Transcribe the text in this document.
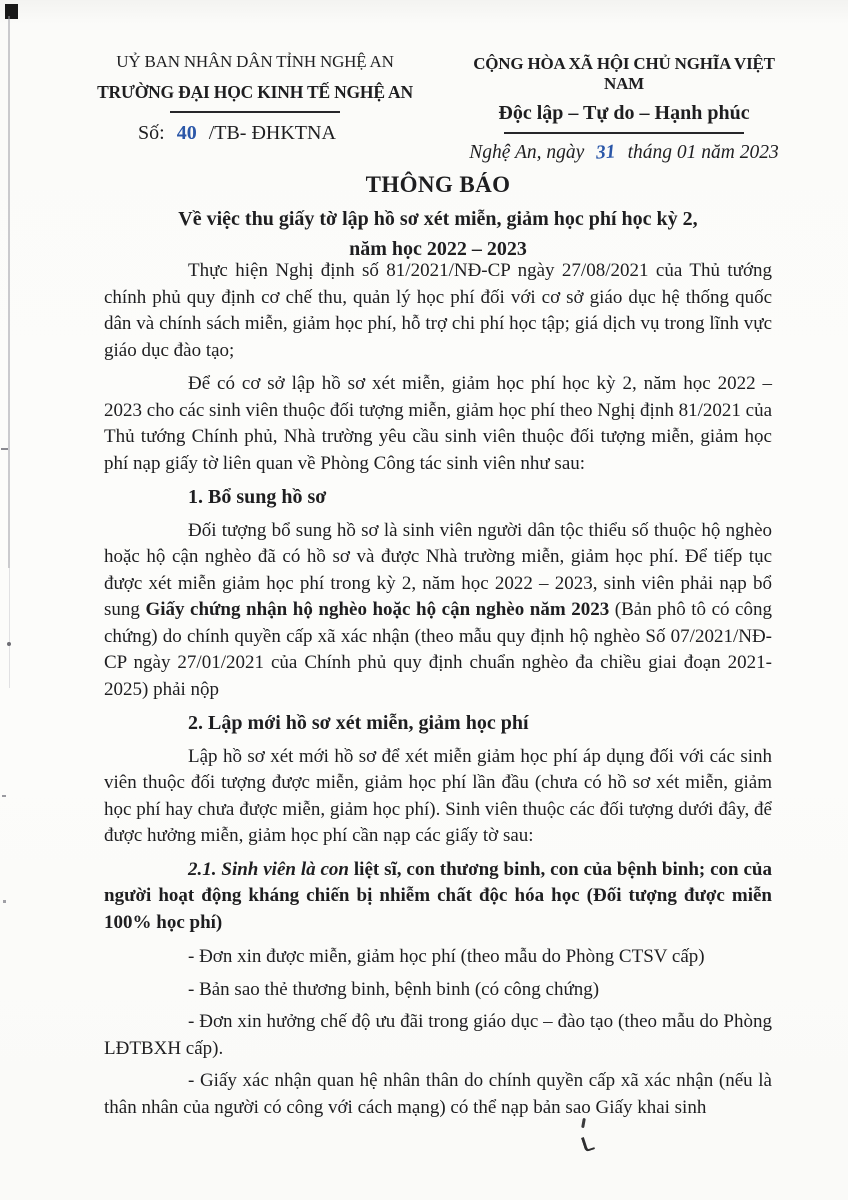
UỶ BAN NHÂN DÂN TỈNH NGHỆ AN
TRƯỜNG ĐẠI HỌC KINH TẾ NGHỆ AN
Số: 40 /TB- ĐHKTNA
CỘNG HÒA XÃ HỘI CHỦ NGHĨA VIỆT NAM
Độc lập – Tự do – Hạnh phúc
Nghệ An, ngày 31 tháng 01 năm 2023
THÔNG BÁO
Về việc thu giấy tờ lập hồ sơ xét miễn, giảm học phí học kỳ 2,
năm học 2022 – 2023

Thực hiện Nghị định số 81/2021/NĐ-CP ngày 27/08/2021 của Thủ tướng chính phủ quy định cơ chế thu, quản lý học phí đối với cơ sở giáo dục hệ thống quốc dân và chính sách miễn, giảm học phí, hỗ trợ chi phí học tập; giá dịch vụ trong lĩnh vực giáo dục đào tạo;

Để có cơ sở lập hồ sơ xét miễn, giảm học phí học kỳ 2, năm học 2022 – 2023 cho các sinh viên thuộc đối tượng miễn, giảm học phí theo Nghị định 81/2021 của Thủ tướng Chính phủ, Nhà trường yêu cầu sinh viên thuộc đối tượng miễn, giảm học phí nạp giấy tờ liên quan về Phòng Công tác sinh viên như sau:

1. Bổ sung hồ sơ

Đối tượng bổ sung hồ sơ là sinh viên người dân tộc thiểu số thuộc hộ nghèo hoặc hộ cận nghèo đã có hồ sơ và được Nhà trường miễn, giảm học phí. Để tiếp tục được xét miễn giảm học phí trong kỳ 2, năm học 2022 – 2023, sinh viên phải nạp bổ sung Giấy chứng nhận hộ nghèo hoặc hộ cận nghèo năm 2023 (Bản phô tô có công chứng) do chính quyền cấp xã xác nhận (theo mẫu quy định hộ nghèo Số 07/2021/NĐ-CP ngày 27/01/2021 của Chính phủ quy định chuẩn nghèo đa chiều giai đoạn 2021-2025) phải nộp

2. Lập mới hồ sơ xét miễn, giảm học phí

Lập hồ sơ xét mới hồ sơ để xét miễn giảm học phí áp dụng đối với các sinh viên thuộc đối tượng được miễn, giảm học phí lần đầu (chưa có hồ sơ xét miễn, giảm học phí hay chưa được miễn, giảm học phí). Sinh viên thuộc các đối tượng dưới đây, để được hưởng miễn, giảm học phí cần nạp các giấy tờ sau:

2.1. Sinh viên là con liệt sĩ, con thương binh, con của bệnh binh; con của người hoạt động kháng chiến bị nhiễm chất độc hóa học (Đối tượng được miễn 100% học phí)

- Đơn xin được miễn, giảm học phí (theo mẫu do Phòng CTSV cấp)

- Bản sao thẻ thương binh, bệnh binh (có công chứng)

- Đơn xin hưởng chế độ ưu đãi trong giáo dục – đào tạo (theo mẫu do Phòng LĐTBXH cấp).

- Giấy xác nhận quan hệ nhân thân do chính quyền cấp xã xác nhận (nếu là thân nhân của người có công với cách mạng) có thể nạp bản sao Giấy khai sinh
